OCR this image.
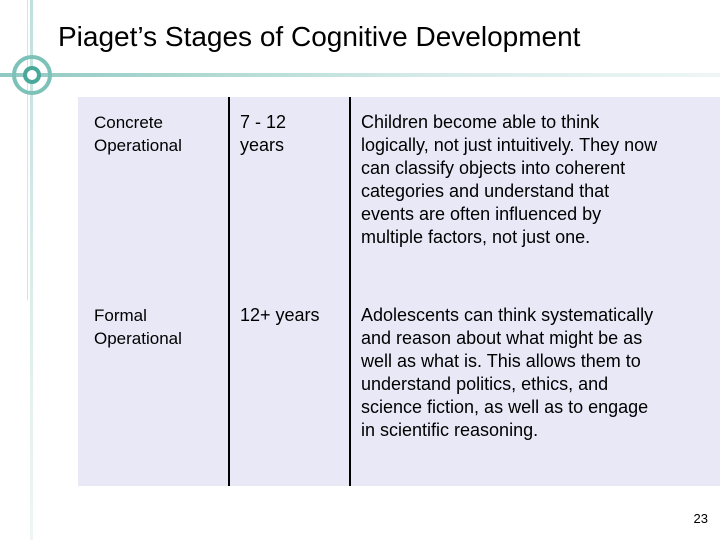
Piaget’s Stages of Cognitive Development
Concrete
Operational
7 - 12
years
Children become able to think
logically, not just intuitively. They now
can classify objects into coherent
categories and understand that
events are often influenced by
multiple factors, not just one.
Formal
Operational
12+ years Adolescents can think systematically
and reason about what might be as
well as what is. This allows them to
understand politics, ethics, and
science fiction, as well as to engage
in scientific reasoning.
23
